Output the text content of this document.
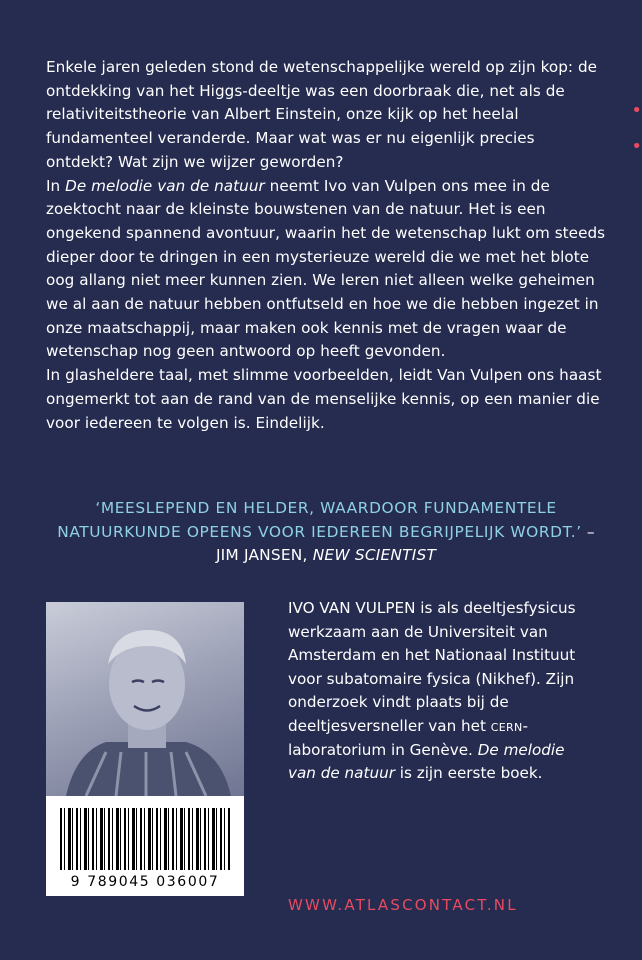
•
•

Enkele jaren geleden stond de wetenschappelijke wereld op zijn kop: de ontdekking van het Higgs-deeltje was een doorbraak die, net als de relativiteitstheorie van Albert Einstein, onze kijk op het heelal fundamenteel veranderde. Maar wat was er nu eigenlijk precies ontdekt? Wat zijn we wijzer geworden?

In De melodie van de natuur neemt Ivo van Vulpen ons mee in de zoektocht naar de kleinste bouwstenen van de natuur. Het is een ongekend spannend avontuur, waarin het de wetenschap lukt om steeds dieper door te dringen in een mysterieuze wereld die we met het blote oog allang niet meer kunnen zien. We leren niet alleen welke geheimen we al aan de natuur hebben ontfutseld en hoe we die hebben ingezet in onze maatschappij, maar maken ook kennis met de vragen waar de wetenschap nog geen antwoord op heeft gevonden.

In glasheldere taal, met slimme voorbeelden, leidt Van Vulpen ons haast ongemerkt tot aan de rand van de menselijke kennis, op een manier die voor iedereen te volgen is. Eindelijk.

‘MEESLEPEND EN HELDER, WAARDOOR FUNDAMENTELE NATUURKUNDE OPEENS VOOR IEDEREEN BEGRIJPELIJK WORDT.’ – JIM JANSEN, NEW SCIENTIST
9 789045 036007

IVO VAN VULPEN is als deeltjesfysicus werkzaam aan de Universiteit van Amsterdam en het Nationaal Instituut voor subatomaire fysica (Nikhef). Zijn onderzoek vindt plaats bij de deeltjesversneller van het cern-laboratorium in Genève. De melodie van de natuur is zijn eerste boek.

WWW.ATLASCONTACT.NL
